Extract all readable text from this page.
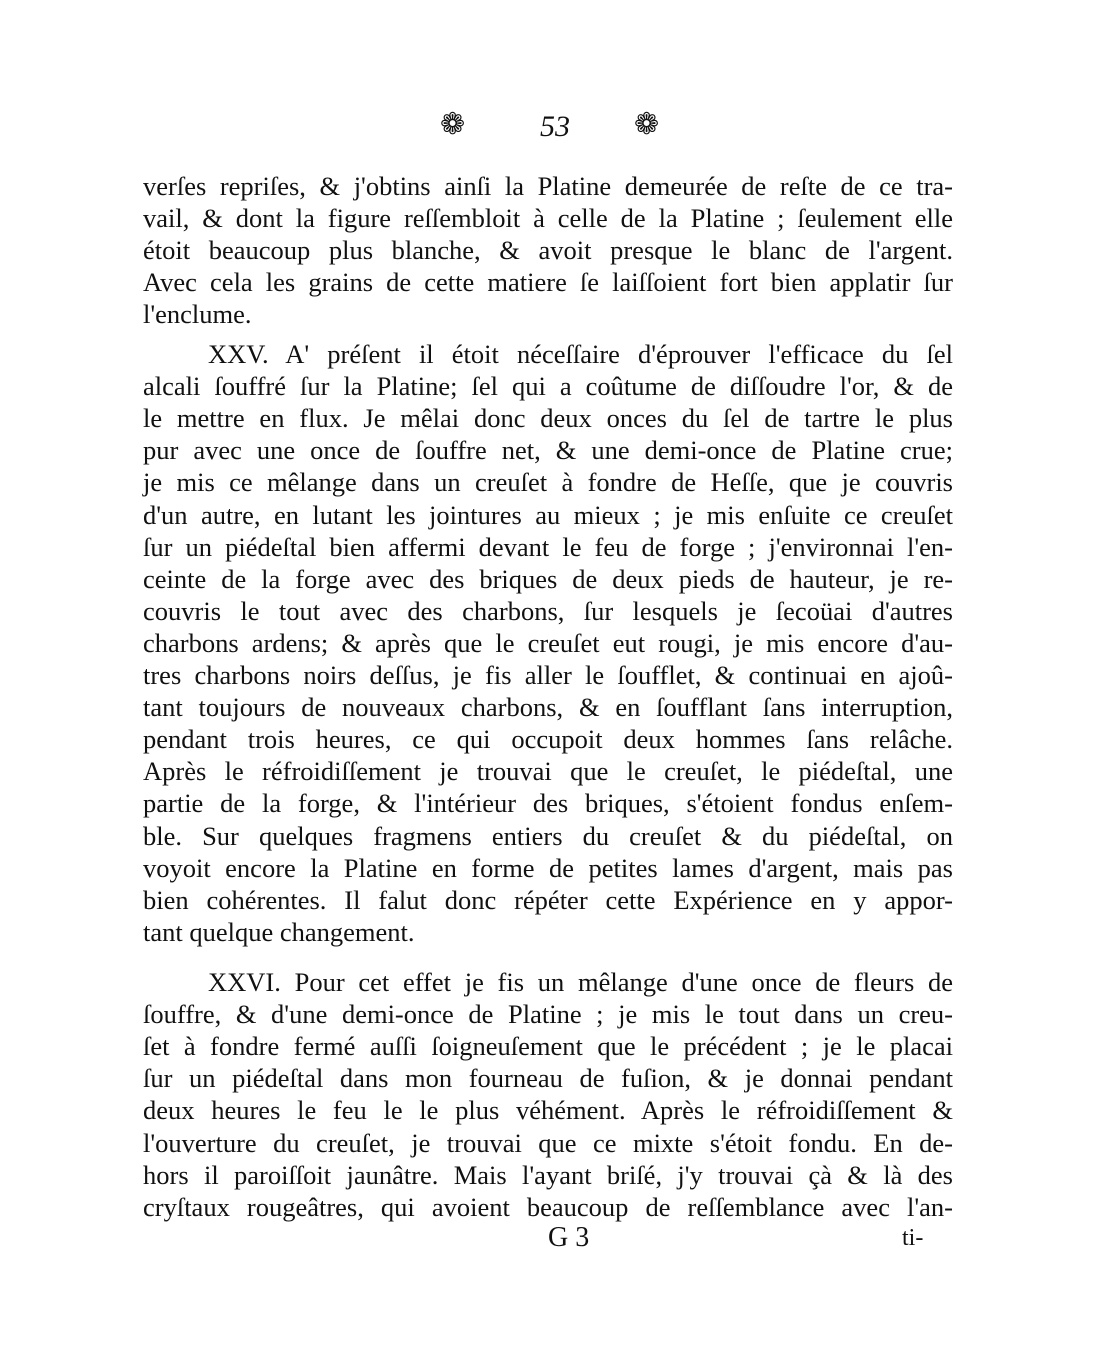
❁ 53 ❁
verſes repriſes, & j'obtins ainſi la Platine demeurée de reſte de ce tra-
vail, & dont la figure reſſembloit à celle de la Platine ; ſeulement elle
étoit beaucoup plus blanche, & avoit presque le blanc de l'argent.
Avec cela les grains de cette matiere ſe laiſſoient fort bien applatir ſur
l'enclume.
XXV. A' préſent il étoit néceſſaire d'éprouver l'efficace du ſel
alcali ſouffré ſur la Platine; ſel qui a coûtume de diſſoudre l'or, & de
le mettre en flux. Je mêlai donc deux onces du ſel de tartre le plus
pur avec une once de ſouffre net, & une demi-once de Platine crue;
je mis ce mêlange dans un creuſet à fondre de Heſſe, que je couvris
d'un autre, en lutant les jointures au mieux ; je mis enſuite ce creuſet
ſur un piédeſtal bien affermi devant le feu de forge ; j'environnai l'en-
ceinte de la forge avec des briques de deux pieds de hauteur, je re-
couvris le tout avec des charbons, ſur lesquels je ſecoüai d'autres
charbons ardens; & après que le creuſet eut rougi, je mis encore d'au-
tres charbons noirs deſſus, je fis aller le ſoufflet, & continuai en ajoû-
tant toujours de nouveaux charbons, & en ſoufflant ſans interruption,
pendant trois heures, ce qui occupoit deux hommes ſans relâche.
Après le réfroidiſſement je trouvai que le creuſet, le piédeſtal, une
partie de la forge, & l'intérieur des briques, s'étoient fondus enſem-
ble. Sur quelques fragmens entiers du creuſet & du piédeſtal, on
voyoit encore la Platine en forme de petites lames d'argent, mais pas
bien cohérentes. Il falut donc répéter cette Expérience en y appor-
tant quelque changement.
XXVI. Pour cet effet je fis un mêlange d'une once de fleurs de
ſouffre, & d'une demi-once de Platine ; je mis le tout dans un creu-
ſet à fondre fermé auſſi ſoigneuſement que le précédent ; je le placai
ſur un piédeſtal dans mon fourneau de fuſion, & je donnai pendant
deux heures le feu le le plus véhément. Après le réfroidiſſement &
l'ouverture du creuſet, je trouvai que ce mixte s'étoit fondu. En de-
hors il paroiſſoit jaunâtre. Mais l'ayant briſé, j'y trouvai çà & là des
cryſtaux rougeâtres, qui avoient beaucoup de reſſemblance avec l'an-
G 3	ti-
